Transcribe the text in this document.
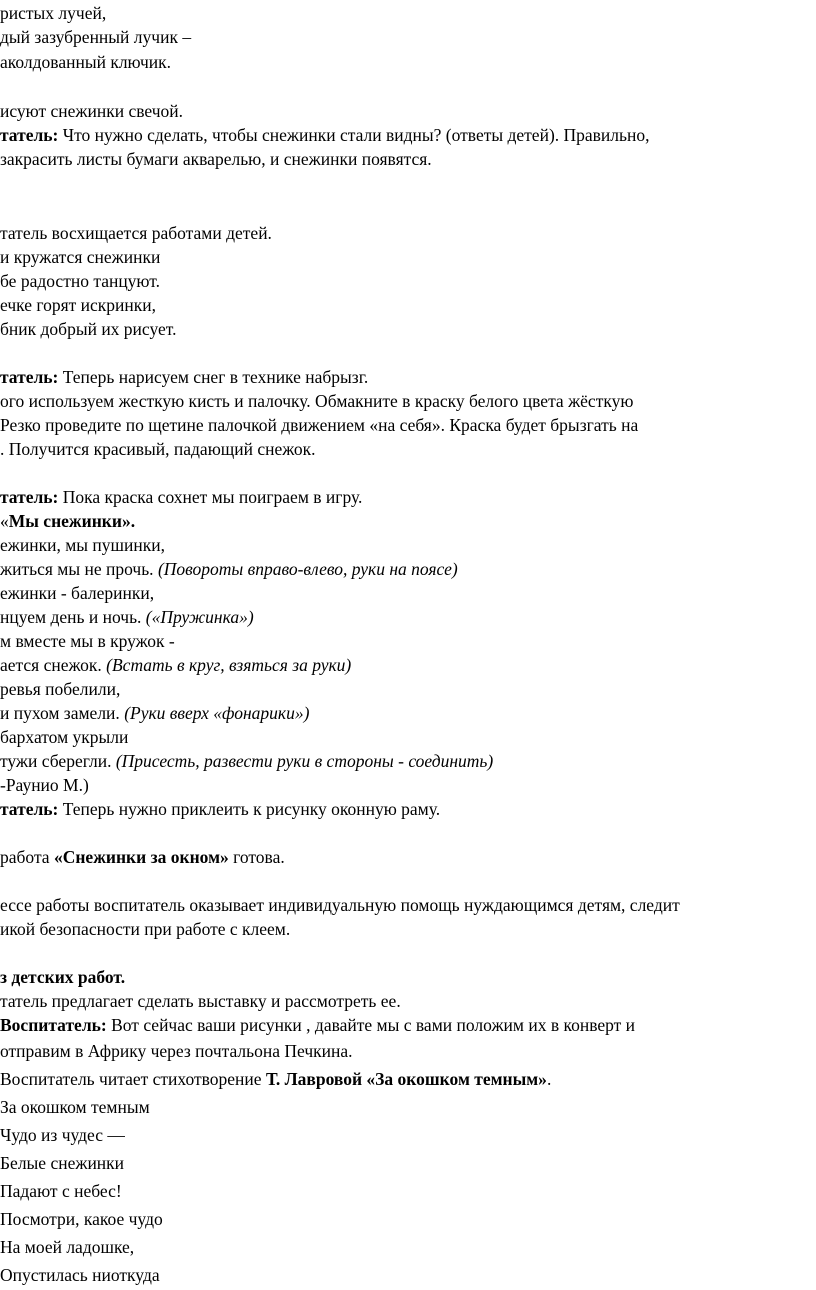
ристых лучей,

дый зазубренный лучик –

аколдованный ключик.

исуют снежинки свечой.

татель: Что нужно сделать, чтобы снежинки стали видны? (ответы детей). Правильно,

закрасить листы бумаги акварелью, и снежинки появятся.

татель восхищается работами детей.

и кружатся снежинки

бе радостно танцуют.

ечке горят искринки,

бник добрый их рисует.

татель: Теперь нарисуем снег в технике набрызг.

ого используем жесткую кисть и палочку. Обмакните в краску белого цвета жёсткую

Резко проведите по щетине палочкой движением «на себя». Краска будет брызгать на

. Получится красивый, падающий снежок.

татель: Пока краска сохнет мы поиграем в игру.

«Мы снежинки».

ежинки, мы пушинки,

житься мы не прочь. (Повороты вправо-влево, руки на поясе)

ежинки - балеринки,

нцуем день и ночь. («Пружинка»)

м вместе мы в кружок -

ается снежок. (Встать в круг, взяться за руки)

ревья побелили,

и пухом замели. (Руки вверх «фонарики»)

бархатом укрыли

тужи сберегли. (Присесть, развести руки в стороны - соединить)

-Раунио М.)

татель: Теперь нужно приклеить к рисунку оконную раму.

работа «Снежинки за окном» готова.

ессе работы воспитатель оказывает индивидуальную помощь нуждающимся детям, следит

икой безопасности при работе с клеем.

з детских работ.

татель предлагает сделать выставку и рассмотреть ее.

Воспитатель: Вот сейчас ваши рисунки , давайте мы с вами положим их в конверт и

отправим в Африку через почтальона Печкина.

Воспитатель читает стихотворение Т. Лавровой «За окошком темным».

За окошком темным

Чудо из чудес —

Белые снежинки

Падают с небес!

Посмотри, какое чудо

На моей ладошке,

Опустилась ниоткуда
